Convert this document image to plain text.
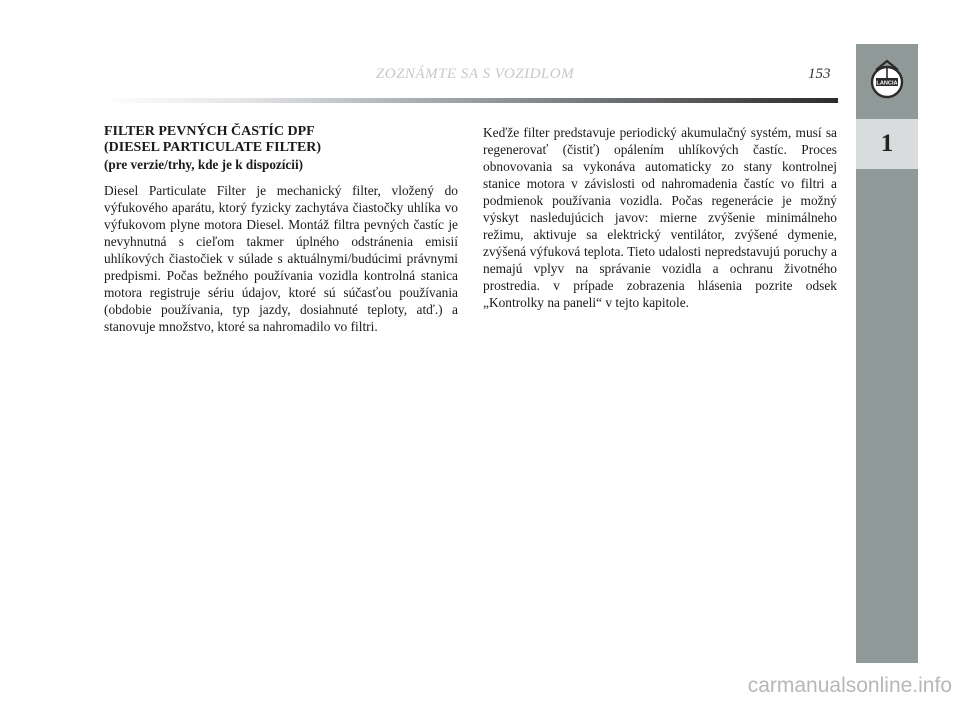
ZOZNÁMTE SA S VOZIDLOM	153
LANCIA
1

FILTER PEVNÝCH ČASTÍC DPF

(DIESEL PARTICULATE FILTER)

(pre verzie/trhy, kde je k dispozícii)

Diesel Particulate Filter je mechanický filter, vložený do výfukového aparátu, ktorý fyzicky zachytáva čiastočky uhlíka vo výfukovom plyne motora Diesel. Montáž filtra pevných častíc je nevyhnutná s cieľom takmer úplného odstránenia emisií uhlíkových čiastočiek v súlade s aktuálnymi/budúcimi právnymi predpismi. Počas bežného používania vozidla kontrolná stanica motora registruje sériu údajov, ktoré sú súčasťou používania (obdobie používania, typ jazdy, dosiahnuté teploty, atď.) a stanovuje množstvo, ktoré sa nahromadilo vo filtri.

Keďže filter predstavuje periodický akumulačný systém, musí sa regenerovať (čistiť) opálením uhlíkových častíc. Proces obnovovania sa vykonáva automaticky zo stany kontrolnej stanice motora v závislosti od nahromadenia častíc vo filtri a podmienok používania vozidla. Počas regenerácie je možný výskyt nasledujúcich javov: mierne zvýšenie minimálneho režimu, aktivuje sa elektrický ventilátor, zvýšené dymenie, zvýšená výfuková teplota. Tieto udalosti nepredstavujú poruchy a nemajú vplyv na správanie vozidla a ochranu životného prostredia. v prípade zobrazenia hlásenia pozrite odsek „Kontrolky na paneli“ v tejto kapitole.

carmanualsonline.info
